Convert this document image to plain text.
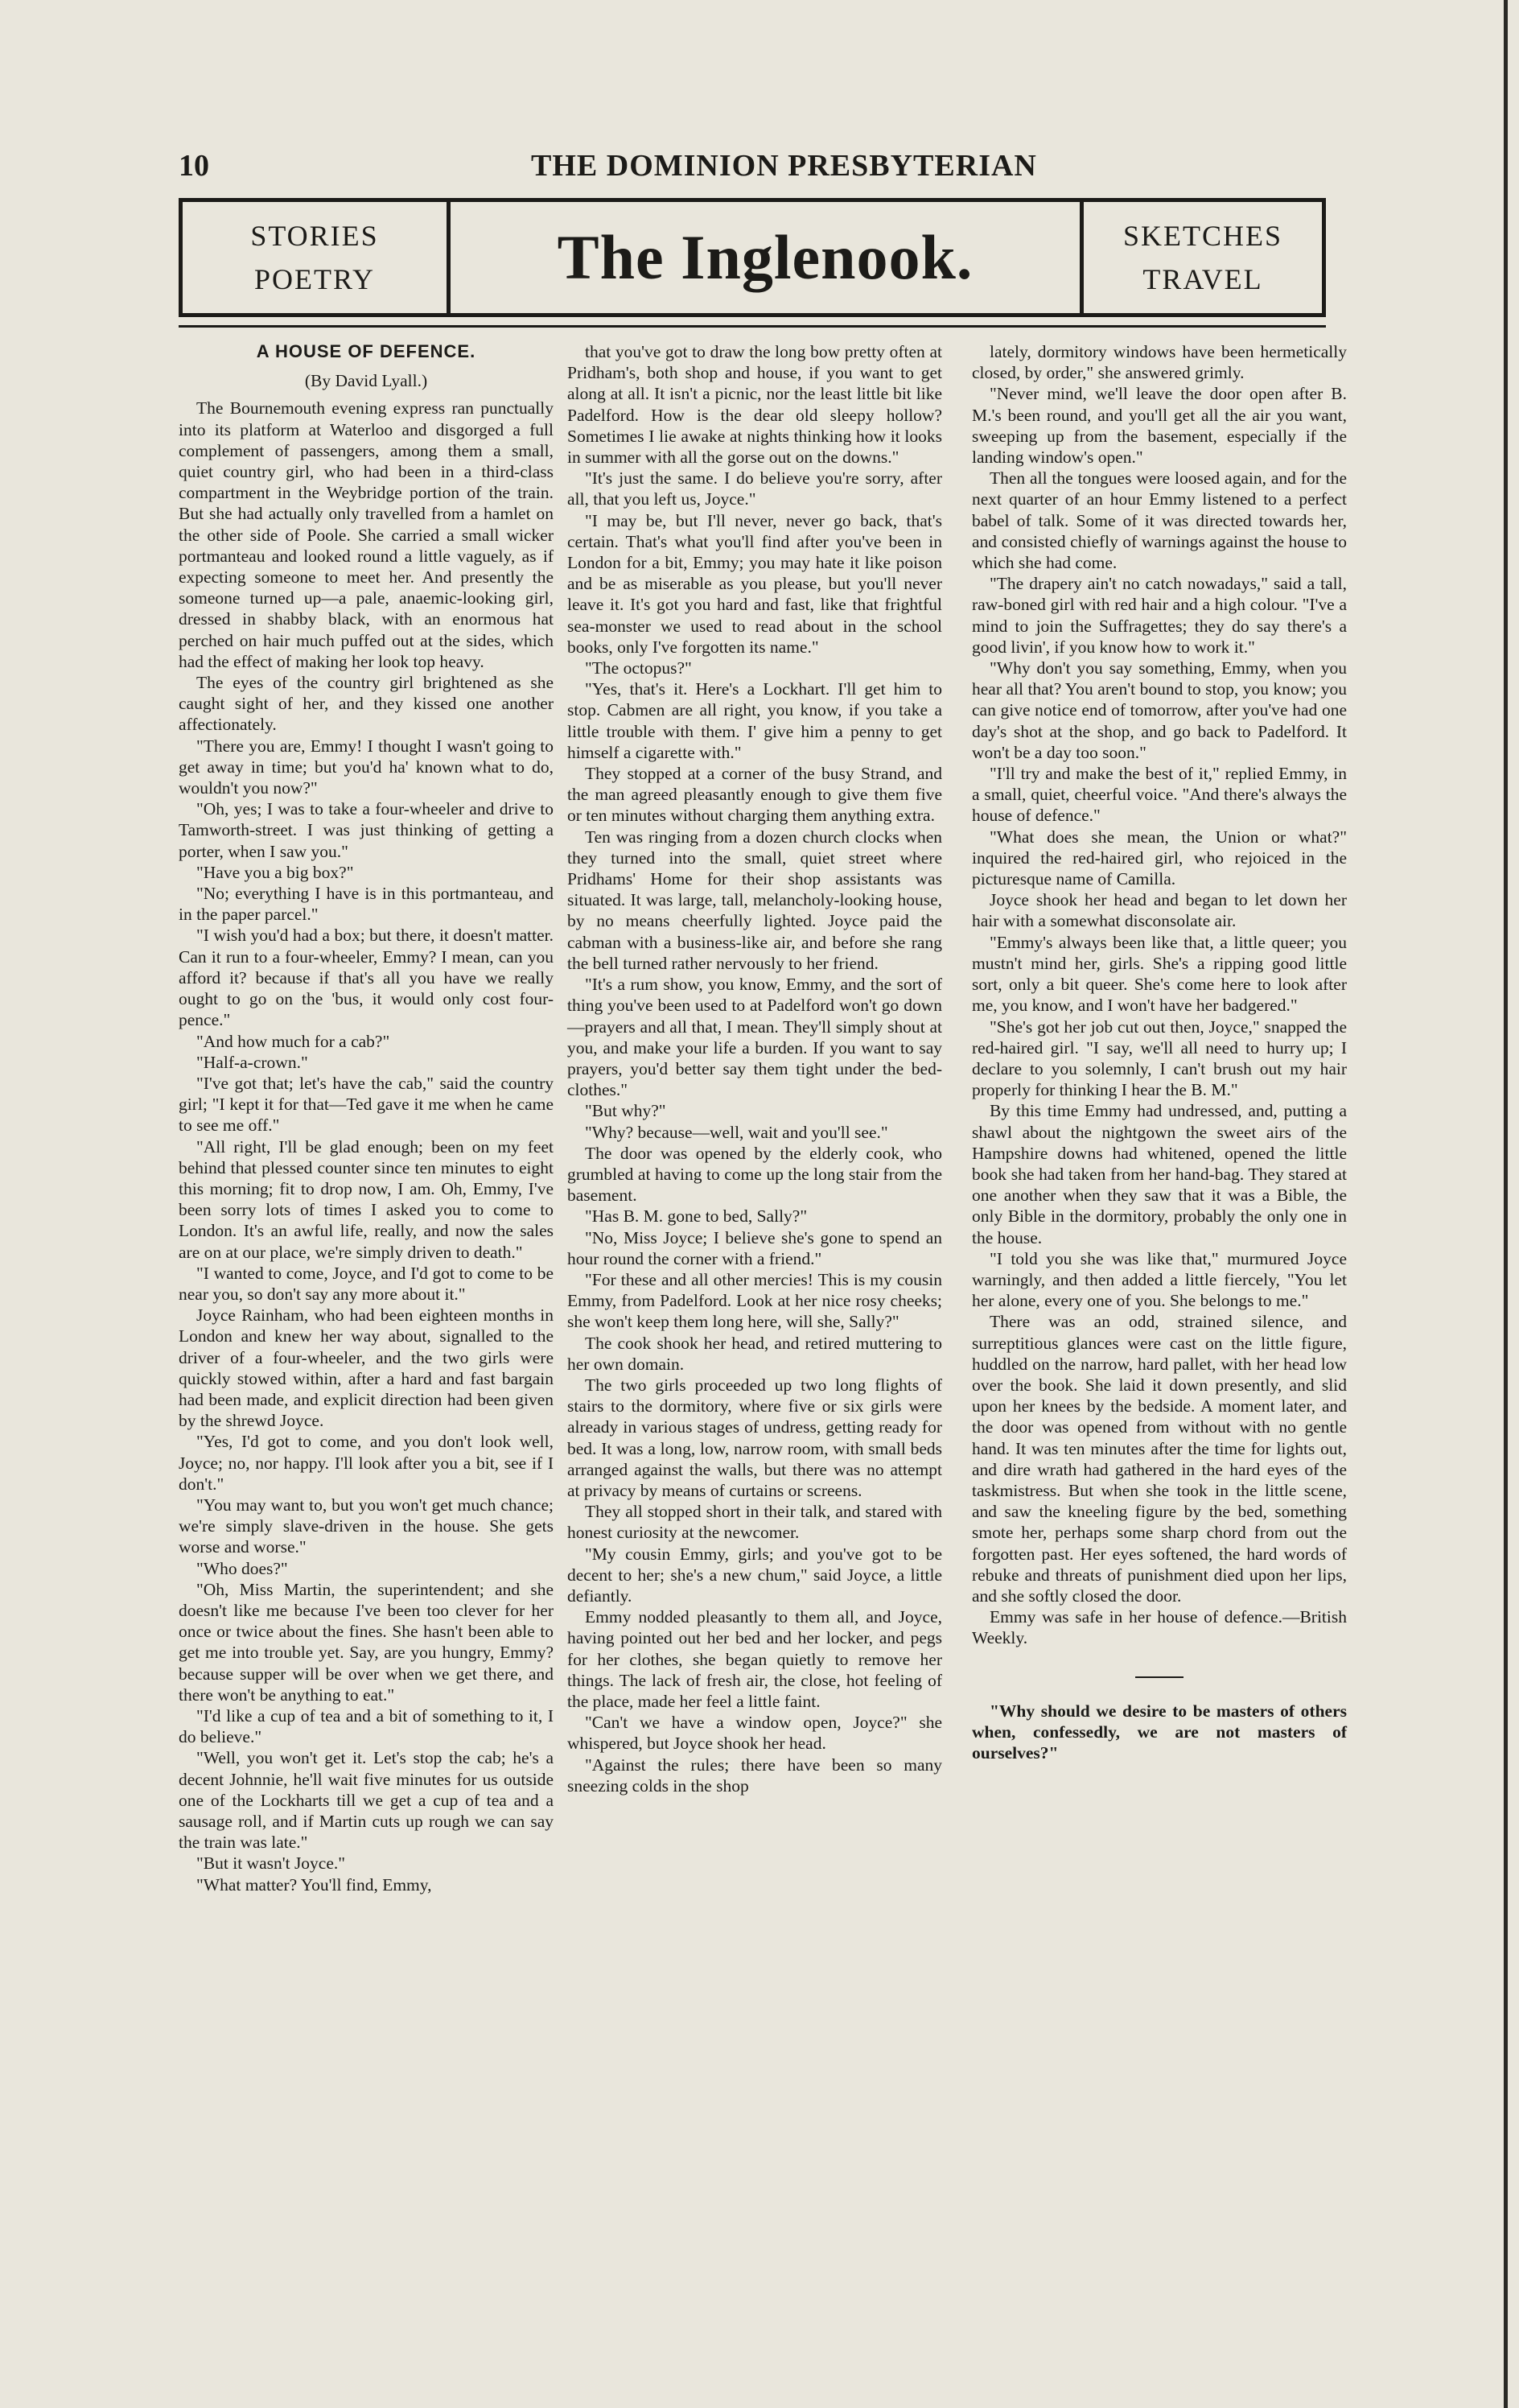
10	THE DOMINION PRESBYTERIAN
STORIES
POETRY	The Inglenook.	SKETCHES
TRAVEL

A HOUSE OF DEFENCE.

(By David Lyall.)

The Bournemouth evening express ran punctually into its platform at Waterloo and disgorged a full complement of passengers, among them a small, quiet country girl, who had been in a third-class compartment in the Weybridge portion of the train. But she had actually only travelled from a hamlet on the other side of Poole. She carried a small wicker portmanteau and looked round a little vaguely, as if expecting someone to meet her. And presently the someone turned up—a pale, anaemic-looking girl, dressed in shabby black, with an enormous hat perched on hair much puffed out at the sides, which had the effect of making her look top heavy.

The eyes of the country girl brightened as she caught sight of her, and they kissed one another affectionately.

"There you are, Emmy! I thought I wasn't going to get away in time; but you'd ha' known what to do, wouldn't you now?"

"Oh, yes; I was to take a four-wheeler and drive to Tamworth-street. I was just thinking of getting a porter, when I saw you."

"Have you a big box?"

"No; everything I have is in this portmanteau, and in the paper parcel."

"I wish you'd had a box; but there, it doesn't matter. Can it run to a four-wheeler, Emmy? I mean, can you afford it? because if that's all you have we really ought to go on the 'bus, it would only cost four-pence."

"And how much for a cab?"

"Half-a-crown."

"I've got that; let's have the cab," said the country girl; "I kept it for that—Ted gave it me when he came to see me off."

"All right, I'll be glad enough; been on my feet behind that plessed counter since ten minutes to eight this morning; fit to drop now, I am. Oh, Emmy, I've been sorry lots of times I asked you to come to London. It's an awful life, really, and now the sales are on at our place, we're simply driven to death."

"I wanted to come, Joyce, and I'd got to come to be near you, so don't say any more about it."

Joyce Rainham, who had been eighteen months in London and knew her way about, signalled to the driver of a four-wheeler, and the two girls were quickly stowed within, after a hard and fast bargain had been made, and explicit direction had been given by the shrewd Joyce.

"Yes, I'd got to come, and you don't look well, Joyce; no, nor happy. I'll look after you a bit, see if I don't."

"You may want to, but you won't get much chance; we're simply slave-driven in the house. She gets worse and worse."

"Who does?"

"Oh, Miss Martin, the superintendent; and she doesn't like me because I've been too clever for her once or twice about the fines. She hasn't been able to get me into trouble yet. Say, are you hungry, Emmy? because supper will be over when we get there, and there won't be anything to eat."

"I'd like a cup of tea and a bit of something to it, I do believe."

"Well, you won't get it. Let's stop the cab; he's a decent Johnnie, he'll wait five minutes for us outside one of the Lockharts till we get a cup of tea and a sausage roll, and if Martin cuts up rough we can say the train was late."

"But it wasn't Joyce."

"What matter? You'll find, Emmy,

that you've got to draw the long bow pretty often at Pridham's, both shop and house, if you want to get along at all. It isn't a picnic, nor the least little bit like Padelford. How is the dear old sleepy hollow? Sometimes I lie awake at nights thinking how it looks in summer with all the gorse out on the downs."

"It's just the same. I do believe you're sorry, after all, that you left us, Joyce."

"I may be, but I'll never, never go back, that's certain. That's what you'll find after you've been in London for a bit, Emmy; you may hate it like poison and be as miserable as you please, but you'll never leave it. It's got you hard and fast, like that frightful sea-monster we used to read about in the school books, only I've forgotten its name."

"The octopus?"

"Yes, that's it. Here's a Lockhart. I'll get him to stop. Cabmen are all right, you know, if you take a little trouble with them. I' give him a penny to get himself a cigarette with."

They stopped at a corner of the busy Strand, and the man agreed pleasantly enough to give them five or ten minutes without charging them anything extra.

Ten was ringing from a dozen church clocks when they turned into the small, quiet street where Pridhams' Home for their shop assistants was situated. It was large, tall, melancholy-looking house, by no means cheerfully lighted. Joyce paid the cabman with a business-like air, and before she rang the bell turned rather nervously to her friend.

"It's a rum show, you know, Emmy, and the sort of thing you've been used to at Padelford won't go down—prayers and all that, I mean. They'll simply shout at you, and make your life a burden. If you want to say prayers, you'd better say them tight under the bed-clothes."

"But why?"

"Why? because—well, wait and you'll see."

The door was opened by the elderly cook, who grumbled at having to come up the long stair from the basement.

"Has B. M. gone to bed, Sally?"

"No, Miss Joyce; I believe she's gone to spend an hour round the corner with a friend."

"For these and all other mercies! This is my cousin Emmy, from Padelford. Look at her nice rosy cheeks; she won't keep them long here, will she, Sally?"

The cook shook her head, and retired muttering to her own domain.

The two girls proceeded up two long flights of stairs to the dormitory, where five or six girls were already in various stages of undress, getting ready for bed. It was a long, low, narrow room, with small beds arranged against the walls, but there was no attempt at privacy by means of curtains or screens.

They all stopped short in their talk, and stared with honest curiosity at the newcomer.

"My cousin Emmy, girls; and you've got to be decent to her; she's a new chum," said Joyce, a little defiantly.

Emmy nodded pleasantly to them all, and Joyce, having pointed out her bed and her locker, and pegs for her clothes, she began quietly to remove her things. The lack of fresh air, the close, hot feeling of the place, made her feel a little faint.

"Can't we have a window open, Joyce?" she whispered, but Joyce shook her head.

"Against the rules; there have been so many sneezing colds in the shop

lately, dormitory windows have been hermetically closed, by order," she answered grimly.

"Never mind, we'll leave the door open after B. M.'s been round, and you'll get all the air you want, sweeping up from the basement, especially if the landing window's open."

Then all the tongues were loosed again, and for the next quarter of an hour Emmy listened to a perfect babel of talk. Some of it was directed towards her, and consisted chiefly of warnings against the house to which she had come.

"The drapery ain't no catch nowadays," said a tall, raw-boned girl with red hair and a high colour. "I've a mind to join the Suffragettes; they do say there's a good livin', if you know how to work it."

"Why don't you say something, Emmy, when you hear all that? You aren't bound to stop, you know; you can give notice end of tomorrow, after you've had one day's shot at the shop, and go back to Padelford. It won't be a day too soon."

"I'll try and make the best of it," replied Emmy, in a small, quiet, cheerful voice. "And there's always the house of defence."

"What does she mean, the Union or what?" inquired the red-haired girl, who rejoiced in the picturesque name of Camilla.

Joyce shook her head and began to let down her hair with a somewhat disconsolate air.

"Emmy's always been like that, a little queer; you mustn't mind her, girls. She's a ripping good little sort, only a bit queer. She's come here to look after me, you know, and I won't have her badgered."

"She's got her job cut out then, Joyce," snapped the red-haired girl. "I say, we'll all need to hurry up; I declare to you solemnly, I can't brush out my hair properly for thinking I hear the B. M."

By this time Emmy had undressed, and, putting a shawl about the nightgown the sweet airs of the Hampshire downs had whitened, opened the little book she had taken from her hand-bag. They stared at one another when they saw that it was a Bible, the only Bible in the dormitory, probably the only one in the house.

"I told you she was like that," murmured Joyce warningly, and then added a little fiercely, "You let her alone, every one of you. She belongs to me."

There was an odd, strained silence, and surreptitious glances were cast on the little figure, huddled on the narrow, hard pallet, with her head low over the book. She laid it down presently, and slid upon her knees by the bedside. A moment later, and the door was opened from without with no gentle hand. It was ten minutes after the time for lights out, and dire wrath had gathered in the hard eyes of the taskmistress. But when she took in the little scene, and saw the kneeling figure by the bed, something smote her, perhaps some sharp chord from out the forgotten past. Her eyes softened, the hard words of rebuke and threats of punishment died upon her lips, and she softly closed the door.

Emmy was safe in her house of defence.—British Weekly.

"Why should we desire to be masters of others when, confessedly, we are not masters of ourselves?"
